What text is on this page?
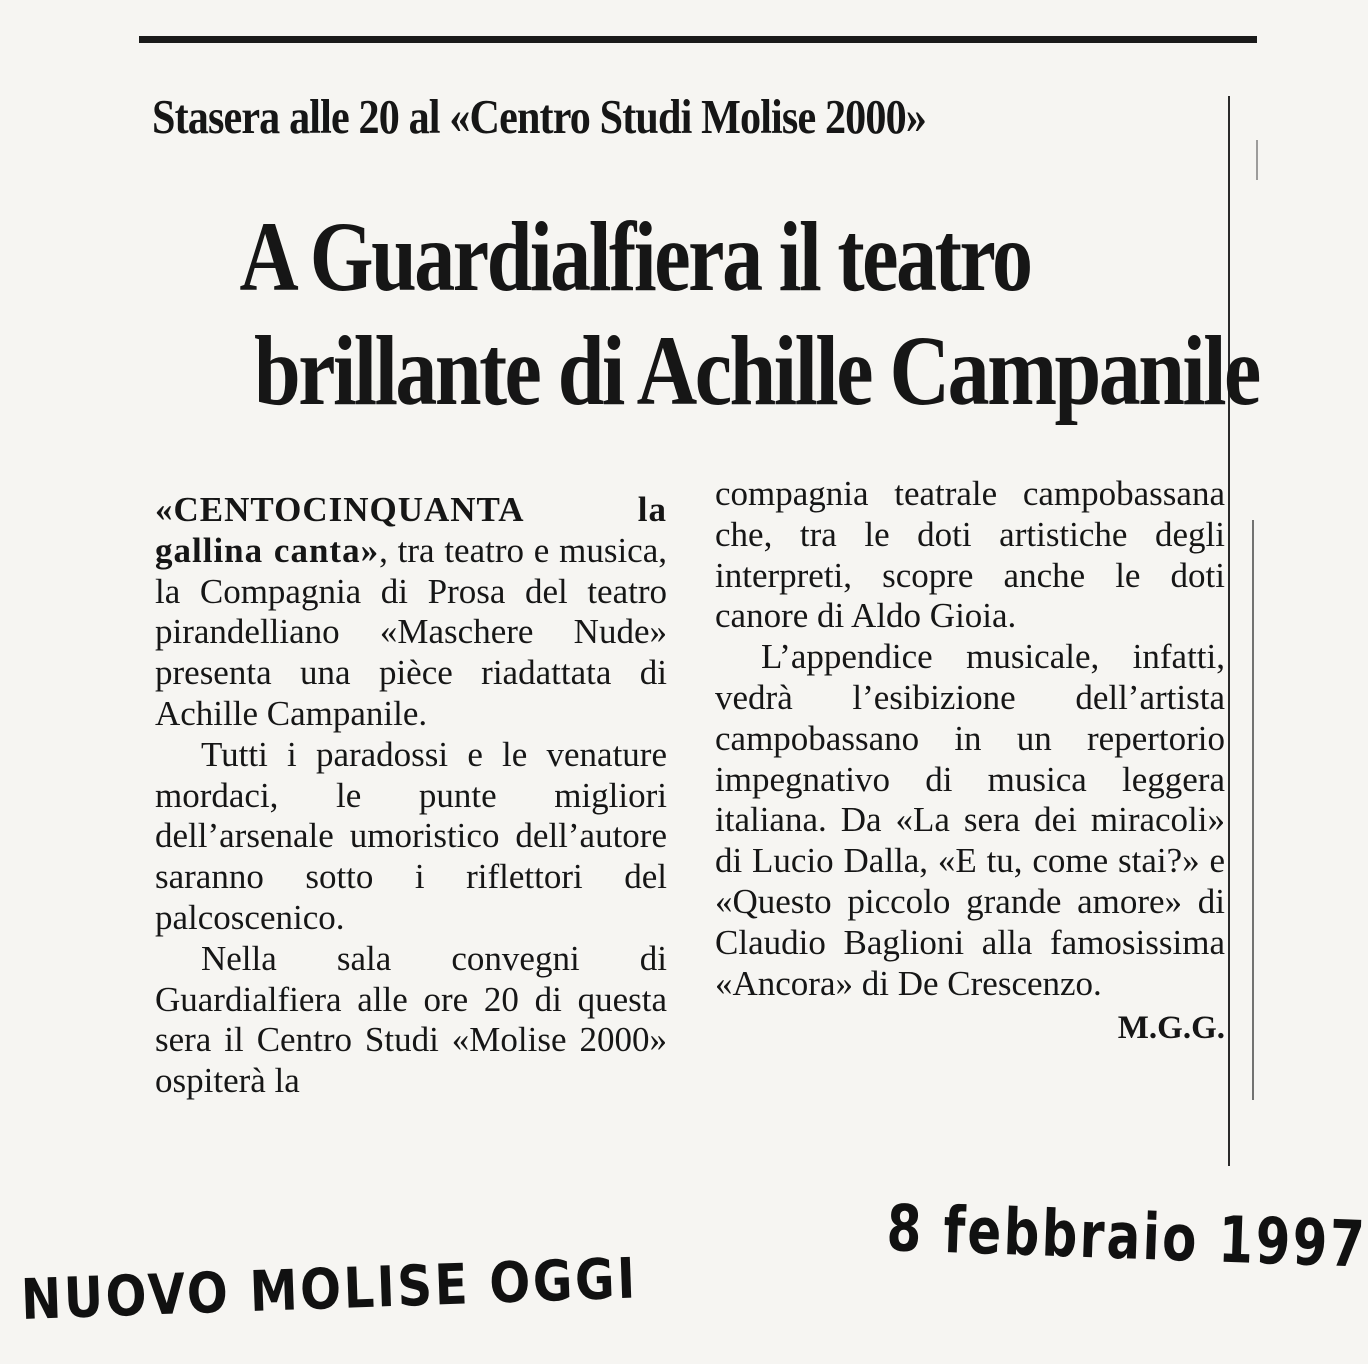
Stasera alle 20 al «Centro Studi Molise 2000»
A Guardialfiera il teatro
brillante di Achille Campanile

«CENTOCINQUANTA la gallina canta», tra teatro e musica, la Compagnia di Prosa del teatro pirandelliano «Maschere Nude» presenta una pièce riadattata di Achille Campanile.

Tutti i paradossi e le venature mordaci, le punte migliori dell’arsenale umoristico dell’autore saranno sotto i riflettori del palcoscenico.

Nella sala convegni di Guardialfiera alle ore 20 di questa sera il Centro Studi «Molise 2000» ospiterà la

compagnia teatrale campobassana che, tra le doti artistiche degli interpreti, scopre anche le doti canore di Aldo Gioia.

L’appendice musicale, infatti, vedrà l’esibizione dell’artista campobassano in un repertorio impegnativo di musica leggera italiana. Da «La sera dei miracoli» di Lucio Dalla, «E tu, come stai?» e «Questo piccolo grande amore» di Claudio Baglioni alla famosissima «Ancora» di De Crescenzo.

M.G.G.

8 febbraio 1997
NUOVO MOLISE OGGI
